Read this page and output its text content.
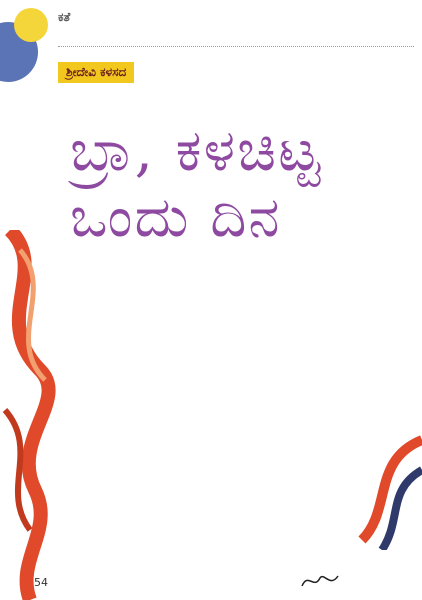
ಕತೆ
ಶ್ರೀದೇವಿ ಕಳಸದ
ಬ್ರಾ, ಕಳಚಿಟ್ಟ
ಒಂದು ದಿನ
54
